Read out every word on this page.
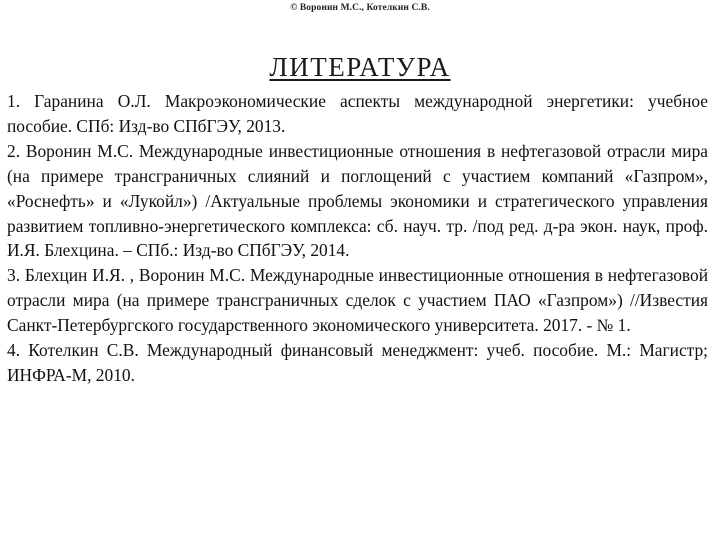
© Воронин М.С., Котелкин С.В.
ЛИТЕРАТУРА
1. Гаранина О.Л. Макроэкономические аспекты международной энергетики: учебное пособие. СПб: Изд-во СПбГЭУ, 2013.
2. Воронин М.С. Международные инвестиционные отношения в нефтегазовой отрасли мира (на примере трансграничных слияний и поглощений с участием компаний «Газпром», «Роснефть» и «Лукойл») /Актуальные проблемы экономики и стратегического управления развитием топливно-энергетического комплекса: сб. науч. тр. /под ред. д-ра экон. наук, проф. И.Я. Блехцина. – СПб.: Изд-во СПбГЭУ, 2014.
3. Блехцин И.Я. , Воронин М.С. Международные инвестиционные отношения в нефтегазовой отрасли мира (на примере трансграничных сделок с участием ПАО «Газпром») //Известия Санкт-Петербургского государственного экономического университета. 2017. - № 1.
4. Котелкин С.В. Международный финансовый менеджмент: учеб. пособие. М.: Магистр; ИНФРА-М, 2010.
